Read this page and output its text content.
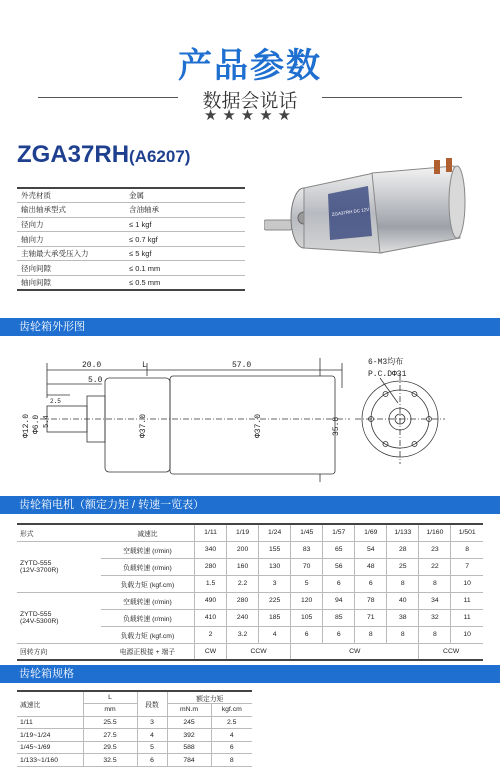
产品参数
数据会说话
★★★★★
ZGA37RH(A6207)
外壳材质	金属
输出轴承型式	含油轴承
径向力	≤ 1 kgf
轴向力	≤ 0.7 kgf
主轴最大承受压入力	≤ 5 kgf
径向间隙	≤ 0.1 mm
轴向间隙	≤ 0.5 mm
ZGA37RH DC 12V
齿轮箱外形图
20.0	L	57.0
5.0
2.5
Φ12.0 Φ6.0 5.4	Φ37.0	Φ37.0	35.8
6-M3均布
P.C.DΦ31
齿轮箱电机（额定力矩 / 转速一览表）
形式	减速比	1/11	1/19	1/24	1/45	1/57	1/69	1/133	1/160	1/501

ZYTD-555
(12V-3700R)	空载转速 (r/min)	340	200	155	83	65	54	28	23	8
	负载转速 (r/min)	280	160	130	70	56	48	25	22	7
	负载力矩 (kgf.cm)	1.5	2.2	3	5	6	6	8	8	10

ZYTD-555
(24V-5300R)	空载转速 (r/min)	490	280	225	120	94	78	40	34	11
	负载转速 (r/min)	410	240	185	105	85	71	38	32	11
	负载力矩 (kgf.cm)	2	3.2	4	6	6	8	8	8	10
回转方向	电源正极接 + 端子	CW	CCW		CW				CCW	
齿轮箱规格
减速比	L	段数	额定力矩	
	mm		mN.m	kgf.cm
1/11	25.5	3	245	2.5
1/19~1/24	27.5	4	392	4
1/45~1/69	29.5	5	588	6
1/133~1/160	32.5	6	784	8
